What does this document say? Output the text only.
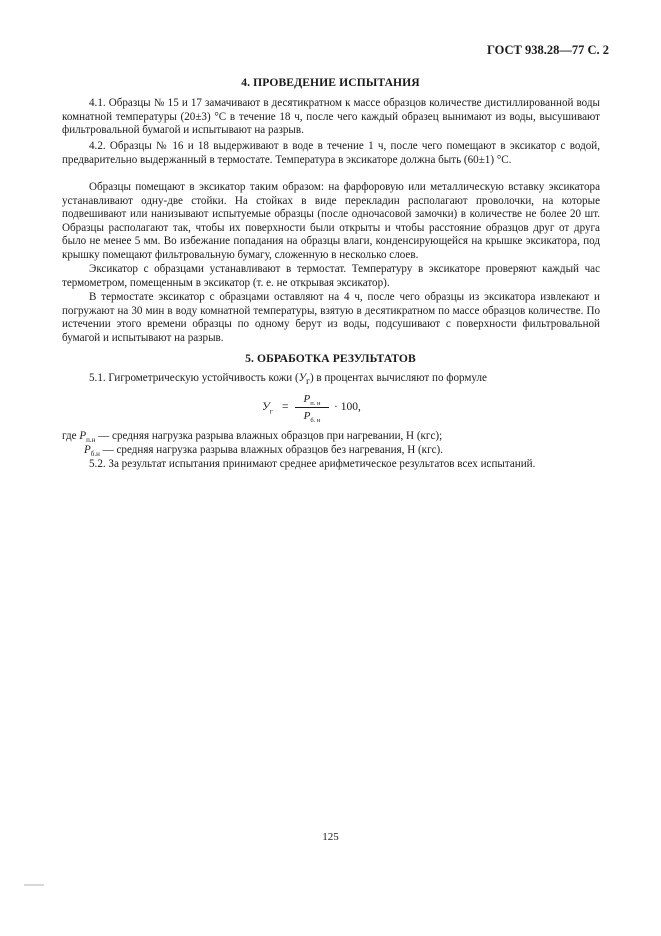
ГОСТ 938.28—77 С. 2
4. ПРОВЕДЕНИЕ ИСПЫТАНИЯ
4.1. Образцы № 15 и 17 замачивают в десятикратном к массе образцов количестве дистиллированной воды комнатной температуры (20±3) °С в течение 18 ч, после чего каждый образец вынимают из воды, высушивают фильтровальной бумагой и испытывают на разрыв.
4.2. Образцы № 16 и 18 выдерживают в воде в течение 1 ч, после чего помещают в эксикатор с водой, предварительно выдержанный в термостате. Температура в эксикаторе должна быть (60±1) °С.
Образцы помещают в эксикатор таким образом: на фарфоровую или металлическую вставку эксикатора устанавливают одну-две стойки. На стойках в виде перекладин располагают проволочки, на которые подвешивают или нанизывают испытуемые образцы (после одночасовой замочки) в количестве не более 20 шт. Образцы располагают так, чтобы их поверхности были открыты и чтобы расстояние образцов друг от друга было не менее 5 мм. Во избежание попадания на образцы влаги, конденсирующейся на крышке эксикатора, под крышку помещают фильтровальную бумагу, сложенную в несколько слоев.
Эксикатор с образцами устанавливают в термостат. Температуру в эксикаторе проверяют каждый час термометром, помещенным в эксикатор (т. е. не открывая эксикатор).
В термостате эксикатор с образцами оставляют на 4 ч, после чего образцы из эксикатора извлекают и погружают на 30 мин в воду комнатной температуры, взятую в десятикратном по массе образцов количестве. По истечении этого времени образцы по одному берут из воды, подсушивают с поверхности фильтровальной бумагой и испытывают на разрыв.
5. ОБРАБОТКА РЕЗУЛЬТАТОВ
5.1. Гигрометрическую устойчивость кожи $(У_г)$ в процентах вычисляют по формуле
$У_г$ =
$P_{п. н}$
$P_{б. н}$
· 100,
где $P_{п.н}$ — средняя нагрузка разрыва влажных образцов при нагревании, Н (кгс);
$P_{б.н}$ — средняя нагрузка разрыва влажных образцов без нагревания, Н (кгс).
5.2. За результат испытания принимают среднее арифметическое результатов всех испытаний.
125
